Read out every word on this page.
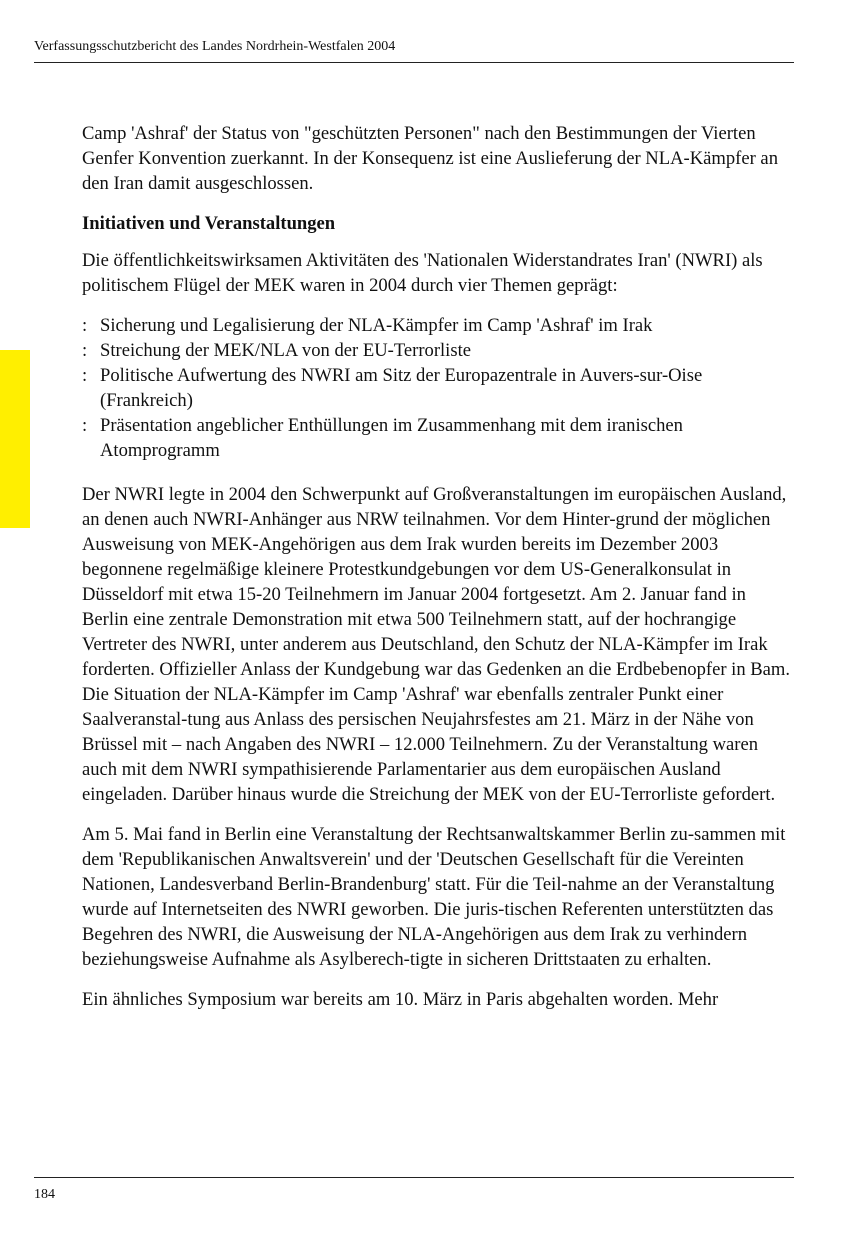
Verfassungsschutzbericht des Landes Nordrhein-Westfalen 2004

Camp 'Ashraf' der Status von "geschützten Personen" nach den Bestimmungen der Vierten Genfer Konvention zuerkannt. In der Konsequenz ist eine Auslieferung der NLA-Kämpfer an den Iran damit ausgeschlossen.

Initiativen und Veranstaltungen

Die öffentlichkeitswirksamen Aktivitäten des 'Nationalen Widerstandrates Iran' (NWRI) als politischem Flügel der MEK waren in 2004 durch vier Themen geprägt:

: Sicherung und Legalisierung der NLA-Kämpfer im Camp 'Ashraf' im Irak
: Streichung der MEK/NLA von der EU-Terrorliste
: Politische Aufwertung des NWRI am Sitz der Europazentrale in Auvers-sur-Oise (Frankreich)
: Präsentation angeblicher Enthüllungen im Zusammenhang mit dem iranischen Atomprogramm

Der NWRI legte in 2004 den Schwerpunkt auf Großveranstaltungen im europäischen Ausland, an denen auch NWRI-Anhänger aus NRW teilnahmen. Vor dem Hinter-grund der möglichen Ausweisung von MEK-Angehörigen aus dem Irak wurden bereits im Dezember 2003 begonnene regelmäßige kleinere Protestkundgebungen vor dem US-Generalkonsulat in Düsseldorf mit etwa 15-20 Teilnehmern im Januar 2004 fortgesetzt. Am 2. Januar fand in Berlin eine zentrale Demonstration mit etwa 500 Teilnehmern statt, auf der hochrangige Vertreter des NWRI, unter anderem aus Deutschland, den Schutz der NLA-Kämpfer im Irak forderten. Offizieller Anlass der Kundgebung war das Gedenken an die Erdbebenopfer in Bam. Die Situation der NLA-Kämpfer im Camp 'Ashraf' war ebenfalls zentraler Punkt einer Saalveranstal-tung aus Anlass des persischen Neujahrsfestes am 21. März in der Nähe von Brüssel mit – nach Angaben des NWRI – 12.000 Teilnehmern. Zu der Veranstaltung waren auch mit dem NWRI sympathisierende Parlamentarier aus dem europäischen Ausland eingeladen. Darüber hinaus wurde die Streichung der MEK von der EU-Terrorliste gefordert.

Am 5. Mai fand in Berlin eine Veranstaltung der Rechtsanwaltskammer Berlin zu-sammen mit dem 'Republikanischen Anwaltsverein' und der 'Deutschen Gesellschaft für die Vereinten Nationen, Landesverband Berlin-Brandenburg' statt. Für die Teil-nahme an der Veranstaltung wurde auf Internetseiten des NWRI geworben. Die juris-tischen Referenten unterstützten das Begehren des NWRI, die Ausweisung der NLA-Angehörigen aus dem Irak zu verhindern beziehungsweise Aufnahme als Asylberech-tigte in sicheren Drittstaaten zu erhalten.

Ein ähnliches Symposium war bereits am 10. März in Paris abgehalten worden. Mehr

184
